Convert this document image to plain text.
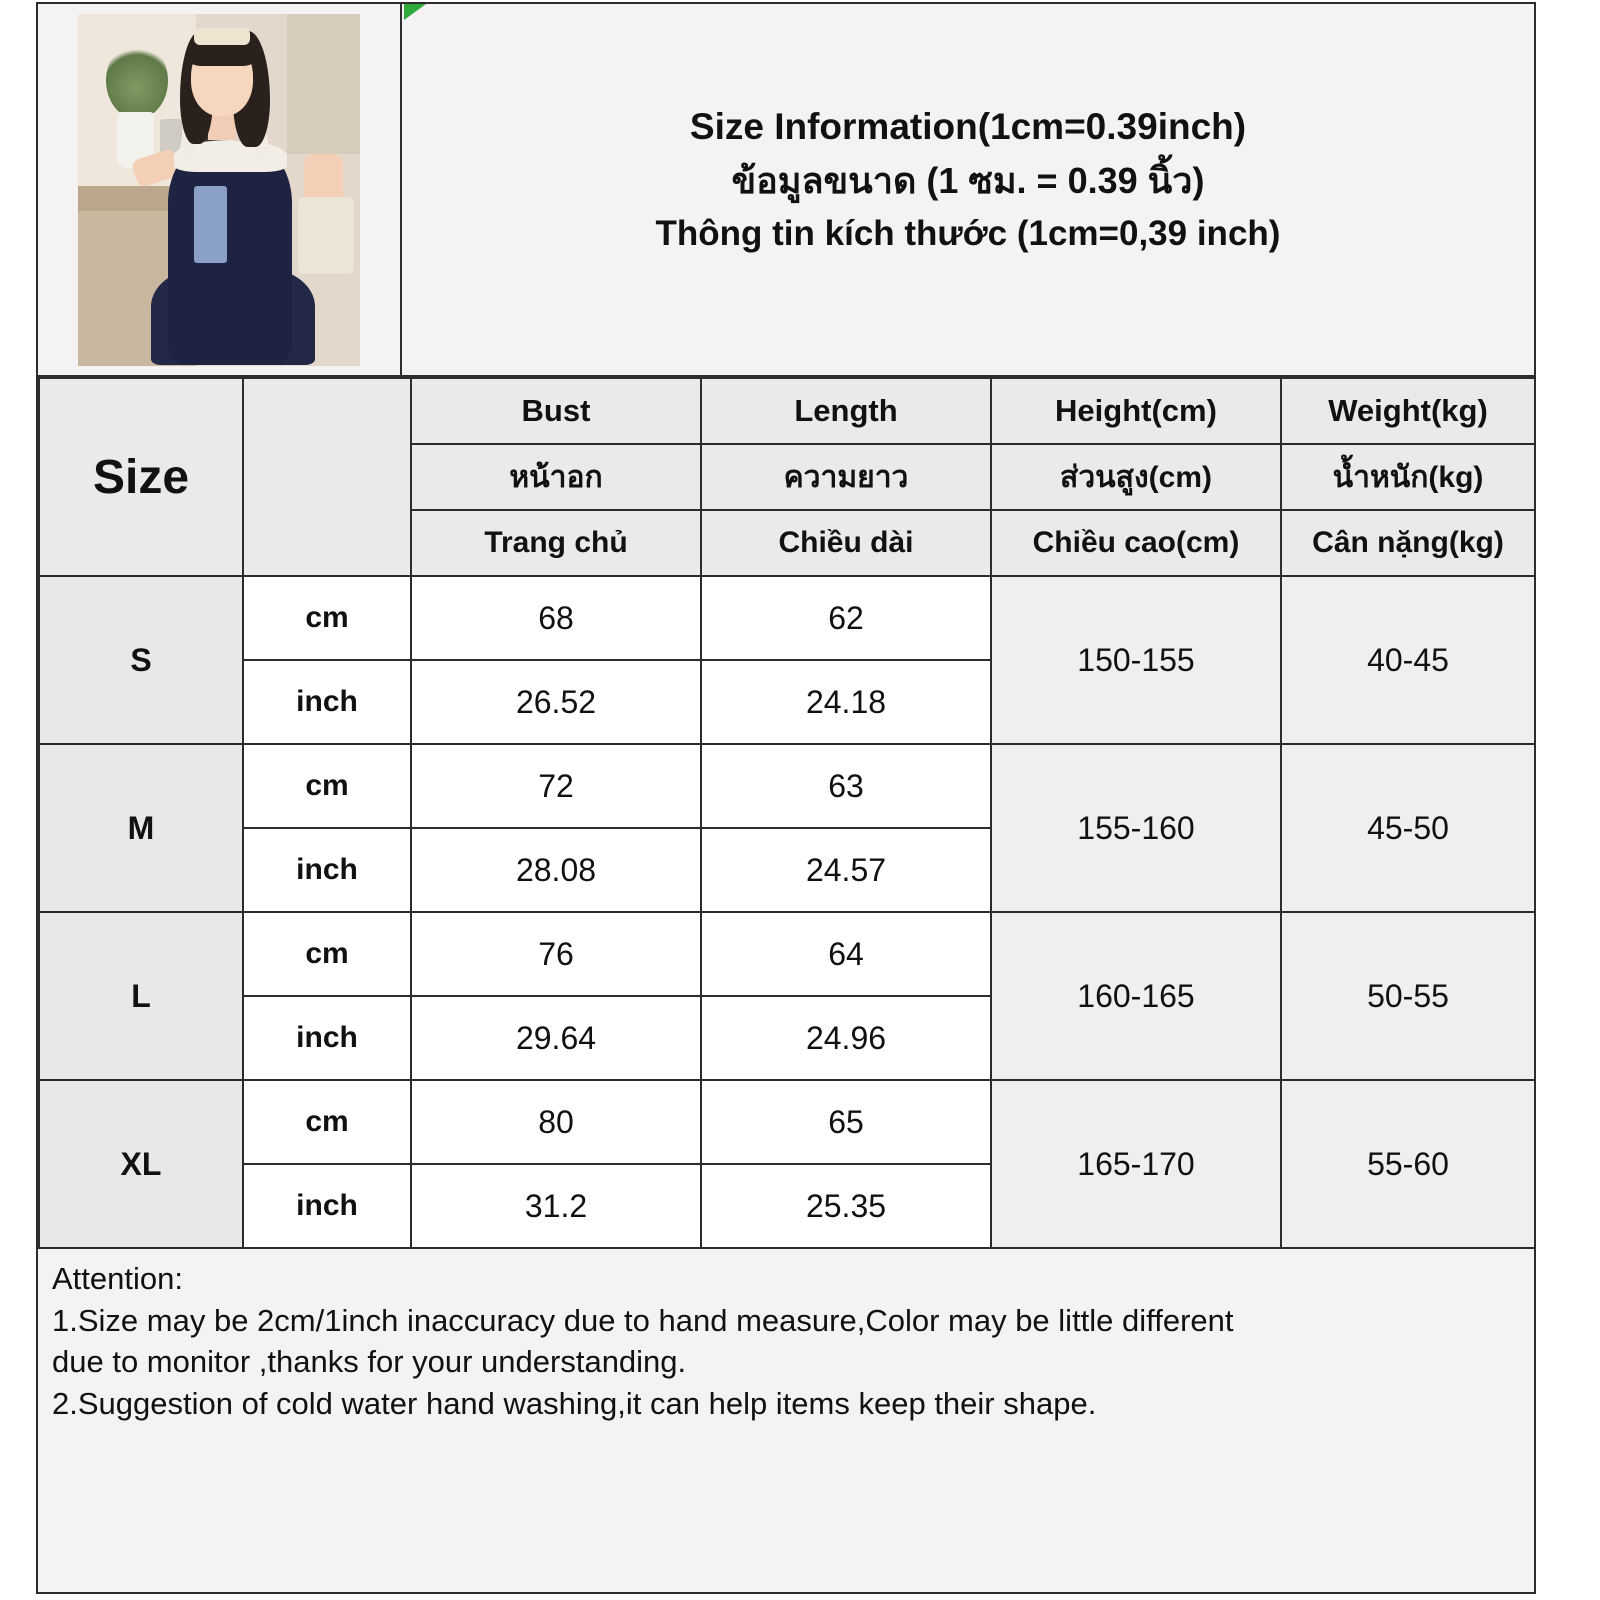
Size Information(1cm=0.39inch)
ข้อมูลขนาด (1 ซม. = 0.39 นิ้ว)
Thông tin kích thước (1cm=0,39 inch)
Size		Bust	Length	Height(cm)	Weight(kg)
		หน้าอก	ความยาว	ส่วนสูง(cm)	น้ำหนัก(kg)
		Trang chủ	Chiều dài	Chiều cao(cm)	Cân nặng(kg)
S	cm	68	62	150-155	40-45
	inch	26.52	24.18		
M	cm	72	63	155-160	45-50
	inch	28.08	24.57		
L	cm	76	64	160-165	50-55
	inch	29.64	24.96		
XL	cm	80	65	165-170	55-60
	inch	31.2	25.35		

Attention:

1.Size may be 2cm/1inch inaccuracy due to hand measure,Color may be little different

due to monitor ,thanks for your understanding.

2.Suggestion of cold water hand washing,it can help items keep their shape.
